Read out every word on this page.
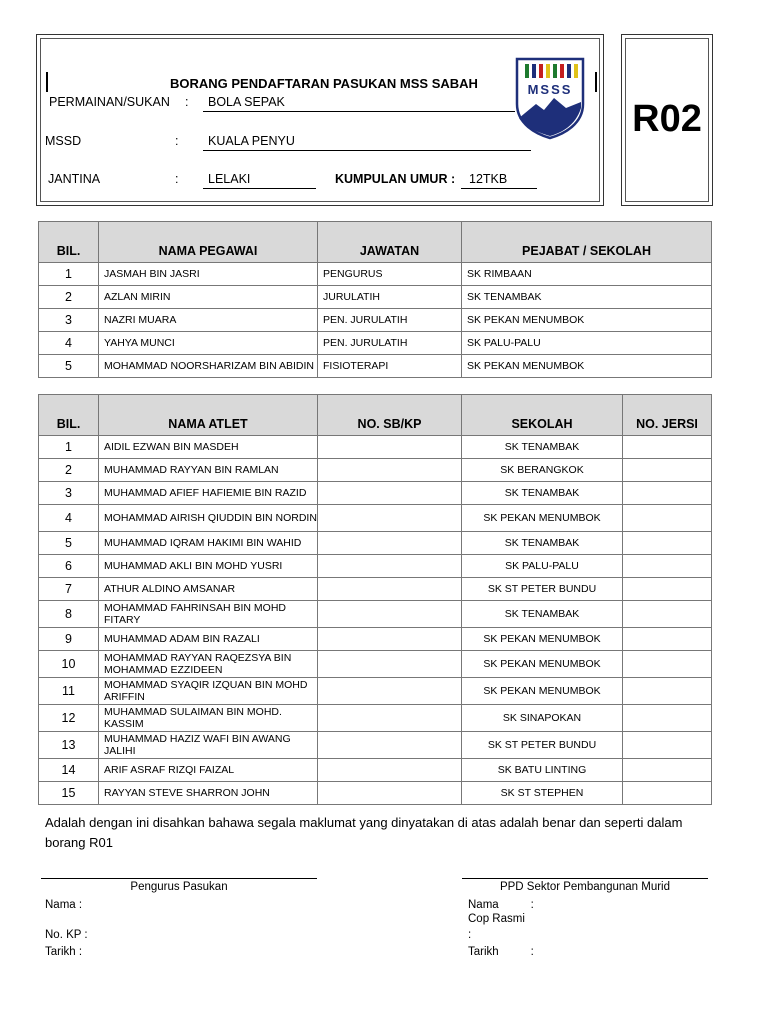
R02
BORANG PENDAFTARAN PASUKAN MSS SABAH	MSSS
PERMAINAN/SUKAN :	BOLA SEPAK
MSSD	:	KUALA PENYU
JANTINA	:	LELAKI	KUMPULAN UMUR :	12TKB
BIL.	NAMA PEGAWAI	JAWATAN	PEJABAT / SEKOLAH
1	JASMAH BIN JASRI	PENGURUS	SK RIMBAAN
2	AZLAN MIRIN	JURULATIH	SK TENAMBAK
3	NAZRI MUARA	PEN. JURULATIH	SK PEKAN MENUMBOK
4	YAHYA MUNCI	PEN. JURULATIH	SK PALU-PALU
5	MOHAMMAD NOORSHARIZAM BIN ABIDIN	FISIOTERAPI	SK PEKAN MENUMBOK
BIL.	NAMA ATLET	NO. SB/KP	SEKOLAH	NO. JERSI
1	AIDIL EZWAN BIN MASDEH		SK TENAMBAK	
2	MUHAMMAD RAYYAN BIN RAMLAN		SK BERANGKOK	
3	MUHAMMAD AFIEF HAFIEMIE BIN RAZID		SK TENAMBAK	
4	MOHAMMAD AIRISH QIUDDIN BIN NORDIN		SK PEKAN MENUMBOK	
5	MUHAMMAD IQRAM HAKIMI BIN WAHID		SK TENAMBAK	
6	MUHAMMAD AKLI BIN MOHD YUSRI		SK PALU-PALU	
7	ATHUR ALDINO AMSANAR		SK ST PETER BUNDU	
8	MOHAMMAD FAHRINSAH BIN MOHD FITARY		SK TENAMBAK	
9	MUHAMMAD ADAM BIN RAZALI		SK PEKAN MENUMBOK	
10	MOHAMMAD RAYYAN RAQEZSYA BIN MOHAMMAD EZZIDEEN		SK PEKAN MENUMBOK	
11	MOHAMMAD SYAQIR IZQUAN BIN MOHD ARIFFIN		SK PEKAN MENUMBOK	
12	MUHAMMAD SULAIMAN BIN MOHD. KASSIM		SK SINAPOKAN	
13	MUHAMMAD HAZIZ WAFI BIN AWANG JALIHI		SK ST PETER BUNDU	
14	ARIF ASRAF RIZQI FAIZAL		SK BATU LINTING	
15	RAYYAN STEVE SHARRON JOHN		SK ST STEPHEN	
Adalah dengan ini disahkan bahawa segala maklumat yang dinyatakan di atas adalah benar dan seperti dalam borang R01
Pengurus Pasukan
Nama :
No. KP :
Tarikh :
PPD Sektor Pembangunan Murid
Nama          :
Cop Rasmi
:
Tarikh          :
